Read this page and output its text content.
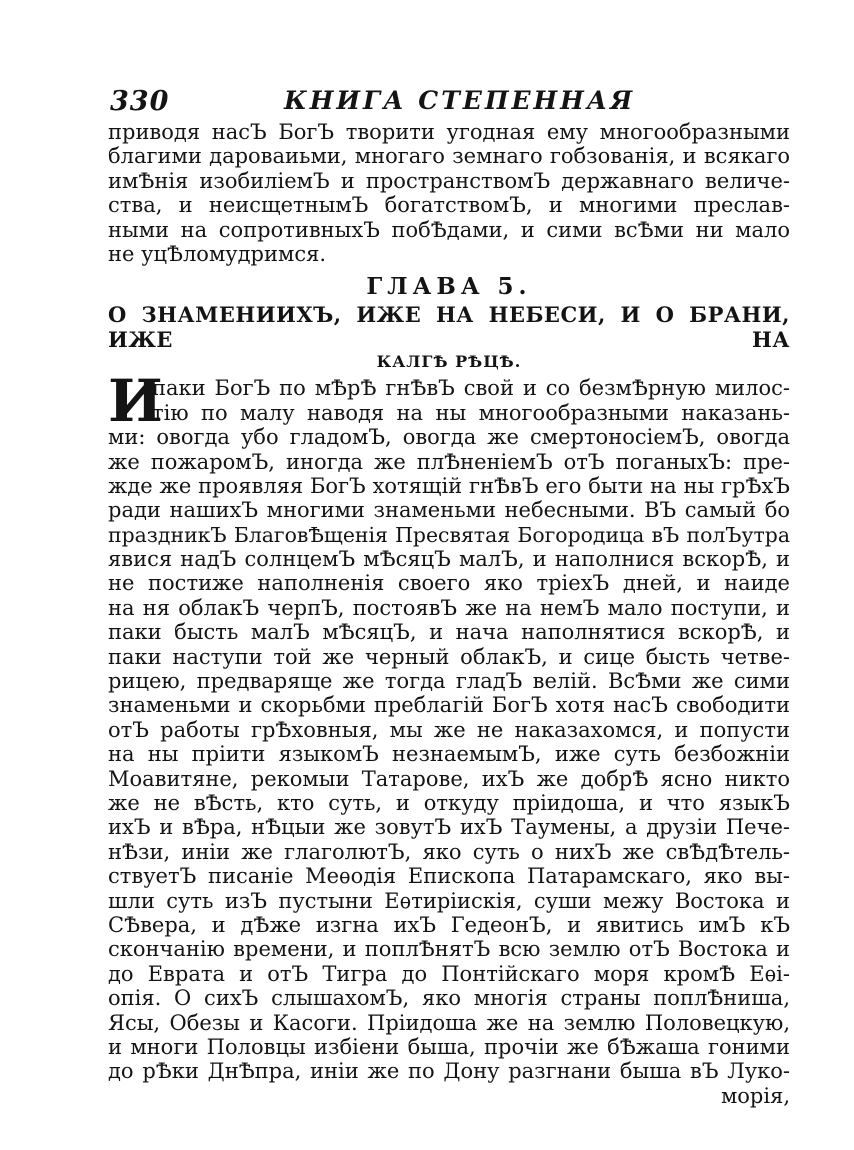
330	КНИГА СТЕПЕННАЯ
приводя насЪ БогЪ творити угодная ему многообразными
благими дароваиьми, многаго земнаго гобзованія, и всякаго
имѢнія изобиліемЪ и пространствомЪ державнаго величе-
ства, и неисщетнымЪ богатствомЪ, и многими преслав-
ными на сопротивныхЪ побѢдами, и сими всѢми ни мало
не уцѢломудримся.
ГЛАВА 5.
О ЗНАМЕНИИХЪ, ИЖЕ НА НЕБЕСИ, И О БРАНИ, ИЖЕ НА
КАЛГѢ РѢЦѢ.
И
паки БогЪ по мѢрѢ гнѢвЪ свой и со безмѢрную милос-
тію по малу наводя на ны многообразными наказань-
ми: овогда убо гладомЪ, овогда же смертоносіемЪ, овогда
же пожаромЪ, иногда же плѢненіемЪ отЪ поганыхЪ: пре-
жде же проявляя БогЪ хотящій гнѢвЪ его быти на ны грѢхЪ
ради нашихЪ многими знаменьми небесными. ВЪ самый бо
праздникЪ БлаговѢщенія Пресвятая Богородица вЪ полЪутра
явися надЪ солнцемЪ мѢсяцЪ малЪ, и наполнися вскорѢ, и
не постиже наполненія своего яко тріехЪ дней, и наиде
на ня облакЪ черпЪ, постоявЪ же на немЪ мало поступи, и
паки бысть малЪ мѢсяцЪ, и нача наполнятися вскорѢ, и
паки наступи той же черный облакЪ, и сице бысть четве-
рицею, предваряще же тогда гладЪ велій. ВсѢми же сими
знаменьми и скорьбми преблагій БогЪ хотя насЪ свободити
отЪ работы грѢховныя, мы же не наказахомся, и попусти
на ны пріити языкомЪ незнаемымЪ, иже суть безбожніи
Моавитяне, рекомыи Татарове, ихЪ же добрѢ ясно никто
же не вѢсть, кто суть, и откуду пріидоша, и что языкЪ
ихЪ и вѢра, нѢцыи же зовутЪ ихЪ Таумены, а друзіи Пече-
нѢзи, иніи же глаголютЪ, яко суть о нихЪ же свѢдѢтель-
ствуетЪ писаніе Меѳодія Епископа Патарамскаго, яко вы-
шли суть изЪ пустыни Еѳтиріискія, суши межу Востока и
СѢвера, и дѢже изгна ихЪ ГедеонЪ, и явитись имЪ кЪ
скончанію времени, и поплѢнятЪ всю землю отЪ Востока и
до Еврата и отЪ Тигра до Понтійскаго моря кромѢ Еѳі-
опія. О сихЪ слышахомЪ, яко многія страны поплѢниша,
Ясы, Обезы и Касоги. Пріидоша же на землю Половецкую,
и многи Половцы избіени быша, прочіи же бѢжаша гоними
до рѢки ДнѢпра, иніи же по Дону разгнани быша вЪ Луко-
морія,
